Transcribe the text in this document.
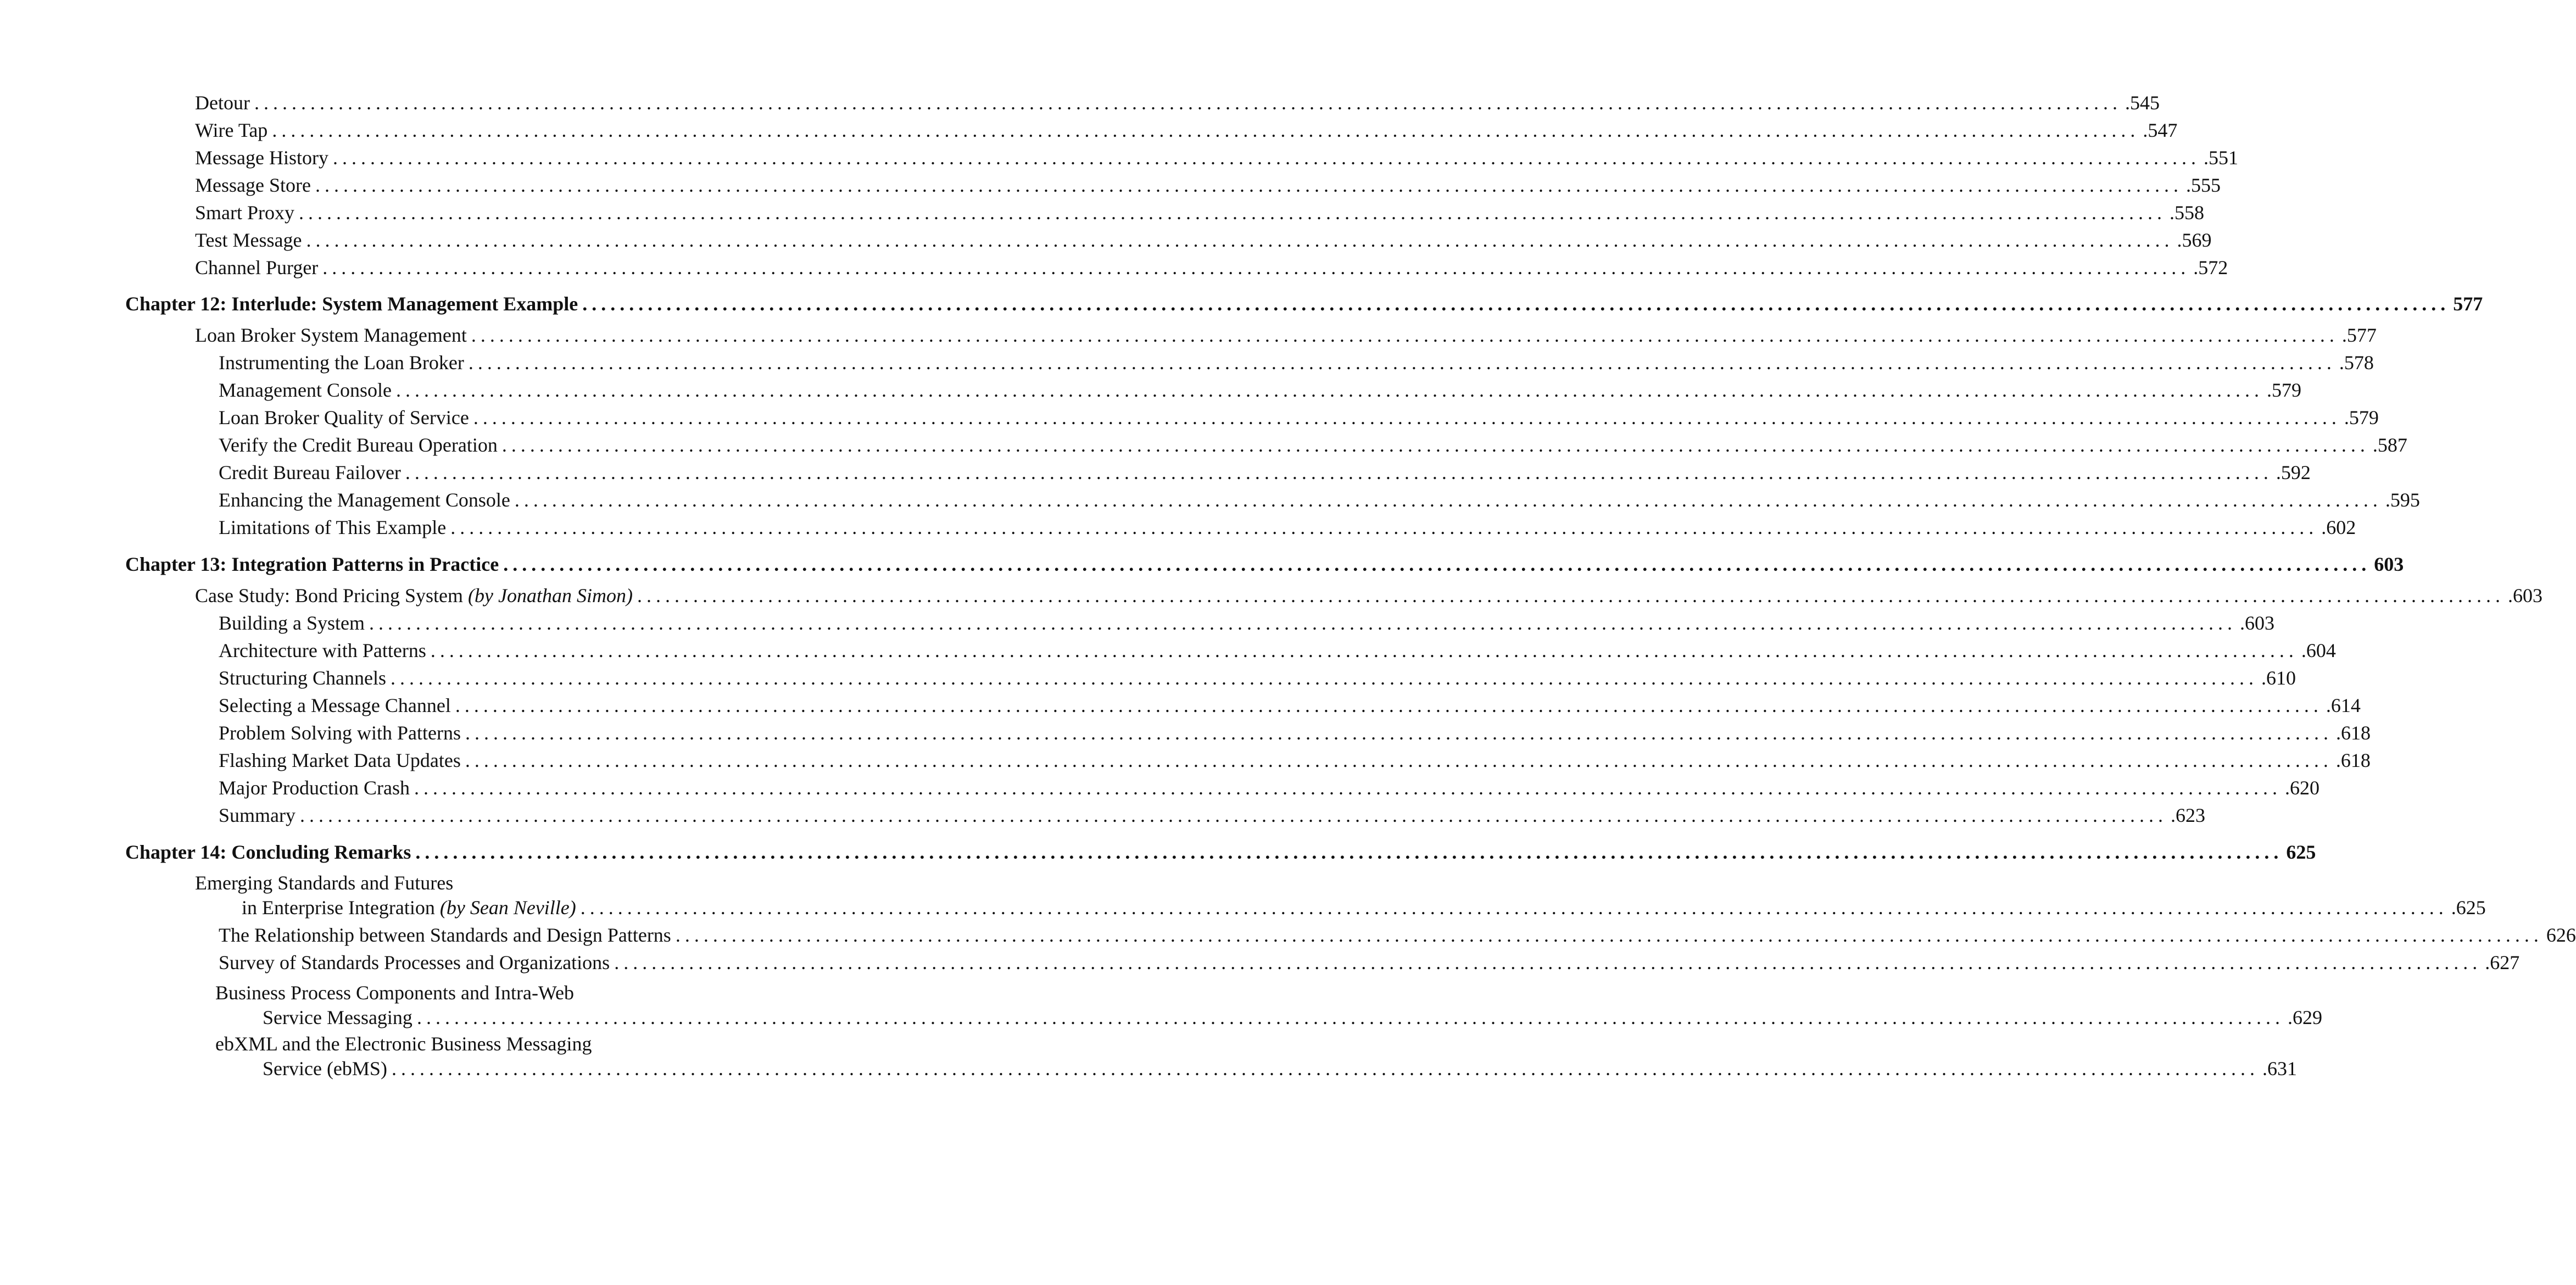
Detour ........................................................................................................................................................................................................ .545
Wire Tap ........................................................................................................................................................................................................ .547
Message History ........................................................................................................................................................................................................ .551
Message Store ........................................................................................................................................................................................................ .555
Smart Proxy ........................................................................................................................................................................................................ .558
Test Message ........................................................................................................................................................................................................ .569
Channel Purger ........................................................................................................................................................................................................ .572
Chapter 12: Interlude: System Management Example ........................................................................................................................................................................................................ 577
Loan Broker System Management ........................................................................................................................................................................................................ .577
Instrumenting the Loan Broker ........................................................................................................................................................................................................ .578
Management Console ........................................................................................................................................................................................................ .579
Loan Broker Quality of Service ........................................................................................................................................................................................................ .579
Verify the Credit Bureau Operation ........................................................................................................................................................................................................ .587
Credit Bureau Failover ........................................................................................................................................................................................................ .592
Enhancing the Management Console ........................................................................................................................................................................................................ .595
Limitations of This Example ........................................................................................................................................................................................................ .602
Chapter 13: Integration Patterns in Practice ........................................................................................................................................................................................................ 603
Case Study: Bond Pricing System (by Jonathan Simon) ........................................................................................................................................................................................................ .603
Building a System ........................................................................................................................................................................................................ .603
Architecture with Patterns ........................................................................................................................................................................................................ .604
Structuring Channels ........................................................................................................................................................................................................ .610
Selecting a Message Channel ........................................................................................................................................................................................................ .614
Problem Solving with Patterns ........................................................................................................................................................................................................ .618
Flashing Market Data Updates ........................................................................................................................................................................................................ .618
Major Production Crash ........................................................................................................................................................................................................ .620
Summary ........................................................................................................................................................................................................ .623
Chapter 14: Concluding Remarks ........................................................................................................................................................................................................ 625
Emerging Standards and Futures
in Enterprise Integration (by Sean Neville) ........................................................................................................................................................................................................ .625
The Relationship between Standards and Design Patterns ........................................................................................................................................................................................................ 626
Survey of Standards Processes and Organizations ........................................................................................................................................................................................................ .627
Business Process Components and Intra-Web
Service Messaging ........................................................................................................................................................................................................ .629
ebXML and the Electronic Business Messaging
Service (ebMS) ........................................................................................................................................................................................................ .631
